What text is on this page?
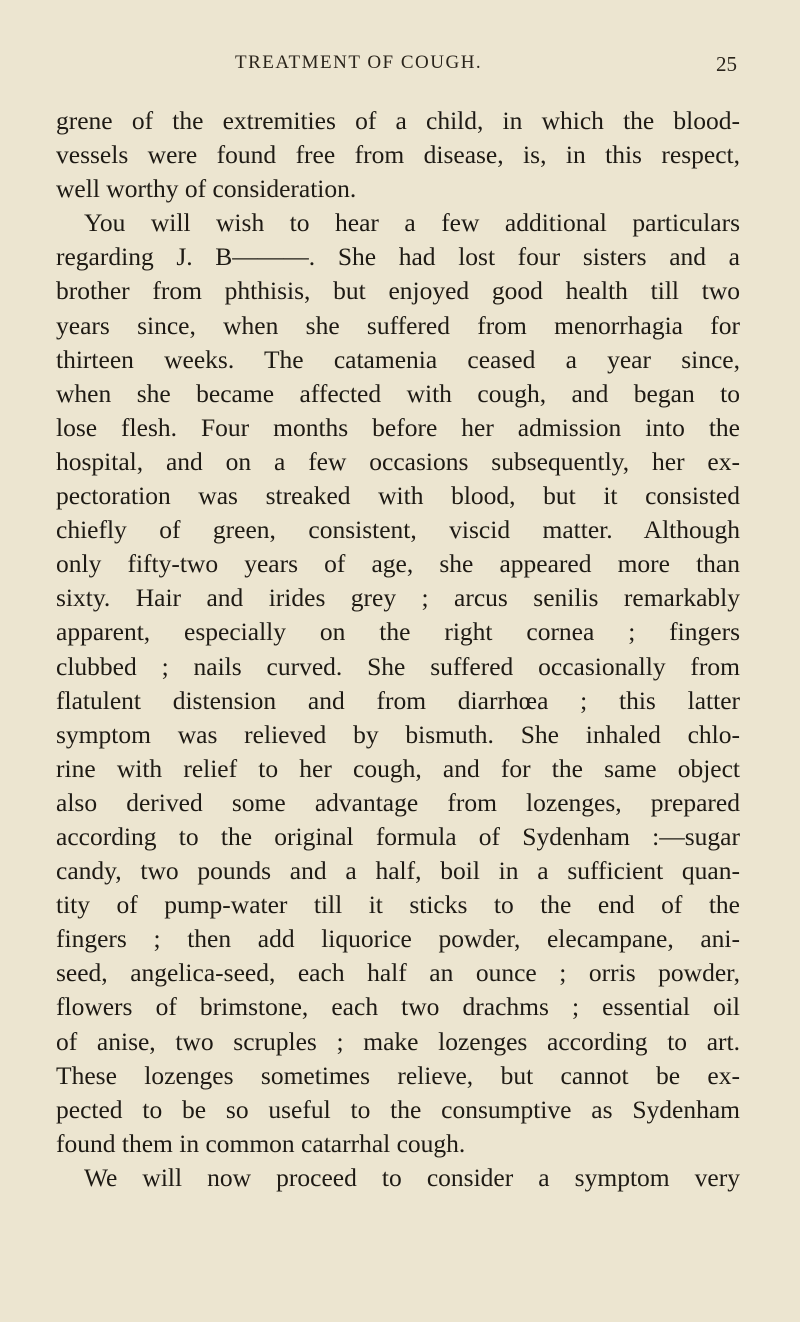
TREATMENT OF COUGH.	25
grene of the extremities of a child, in which the blood-
vessels were found free from disease, is, in this respect,
well worthy of consideration.
You will wish to hear a few additional particulars
regarding J. B———. She had lost four sisters and a
brother from phthisis, but enjoyed good health till two
years since, when she suffered from menorrhagia for
thirteen weeks. The catamenia ceased a year since,
when she became affected with cough, and began to
lose flesh. Four months before her admission into the
hospital, and on a few occasions subsequently, her ex-
pectoration was streaked with blood, but it consisted
chiefly of green, consistent, viscid matter. Although
only fifty-two years of age, she appeared more than
sixty. Hair and irides grey ; arcus senilis remarkably
apparent, especially on the right cornea ; fingers
clubbed ; nails curved. She suffered occasionally from
flatulent distension and from diarrhœa ; this latter
symptom was relieved by bismuth. She inhaled chlo-
rine with relief to her cough, and for the same object
also derived some advantage from lozenges, prepared
according to the original formula of Sydenham :—sugar
candy, two pounds and a half, boil in a sufficient quan-
tity of pump-water till it sticks to the end of the
fingers ; then add liquorice powder, elecampane, ani-
seed, angelica-seed, each half an ounce ; orris powder,
flowers of brimstone, each two drachms ; essential oil
of anise, two scruples ; make lozenges according to art.
These lozenges sometimes relieve, but cannot be ex-
pected to be so useful to the consumptive as Sydenham
found them in common catarrhal cough.
We will now proceed to consider a symptom very
